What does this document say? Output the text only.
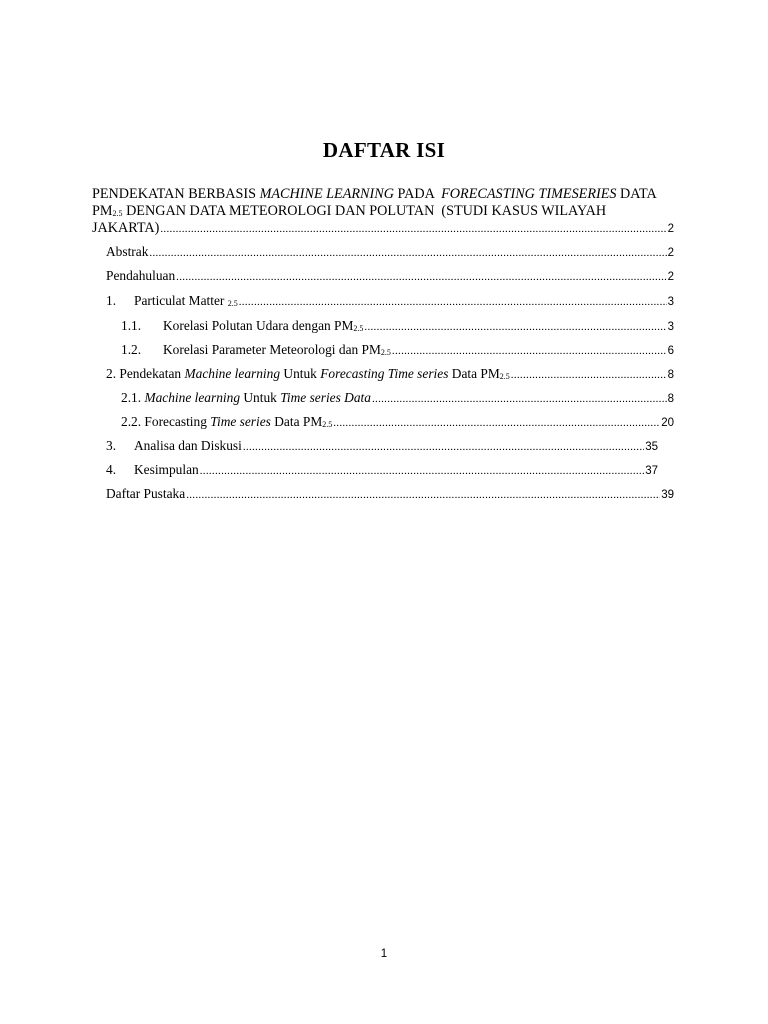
DAFTAR ISI
PENDEKATAN BERBASIS MACHINE LEARNING PADA  FORECASTING TIMESERIES DATA
$PM_{2.5}$ DENGAN DATA METEOROLOGI DAN POLUTAN  (STUDI KASUS WILAYAH
JAKARTA) .....	2
Abstrak .....	2
Pendahuluan .....	2
1. Particulat Matter $_{2.5}$ .....	3
1.1. Korelasi Polutan Udara dengan $PM_{2.5}$ .....	3
1.2. Korelasi Parameter Meteorologi dan $PM_{2.5}$ .....	6
2. Pendekatan Machine learning Untuk Forecasting Time series Data $PM_{2.5}$ .....	8
2.1. Machine learning Untuk Time series Data .....	8
2.2. Forecasting Time series Data $PM_{2.5}$ .....	20
3. Analisa dan Diskusi .....	35
4. Kesimpulan .....	37
Daftar Pustaka .....	39
1
